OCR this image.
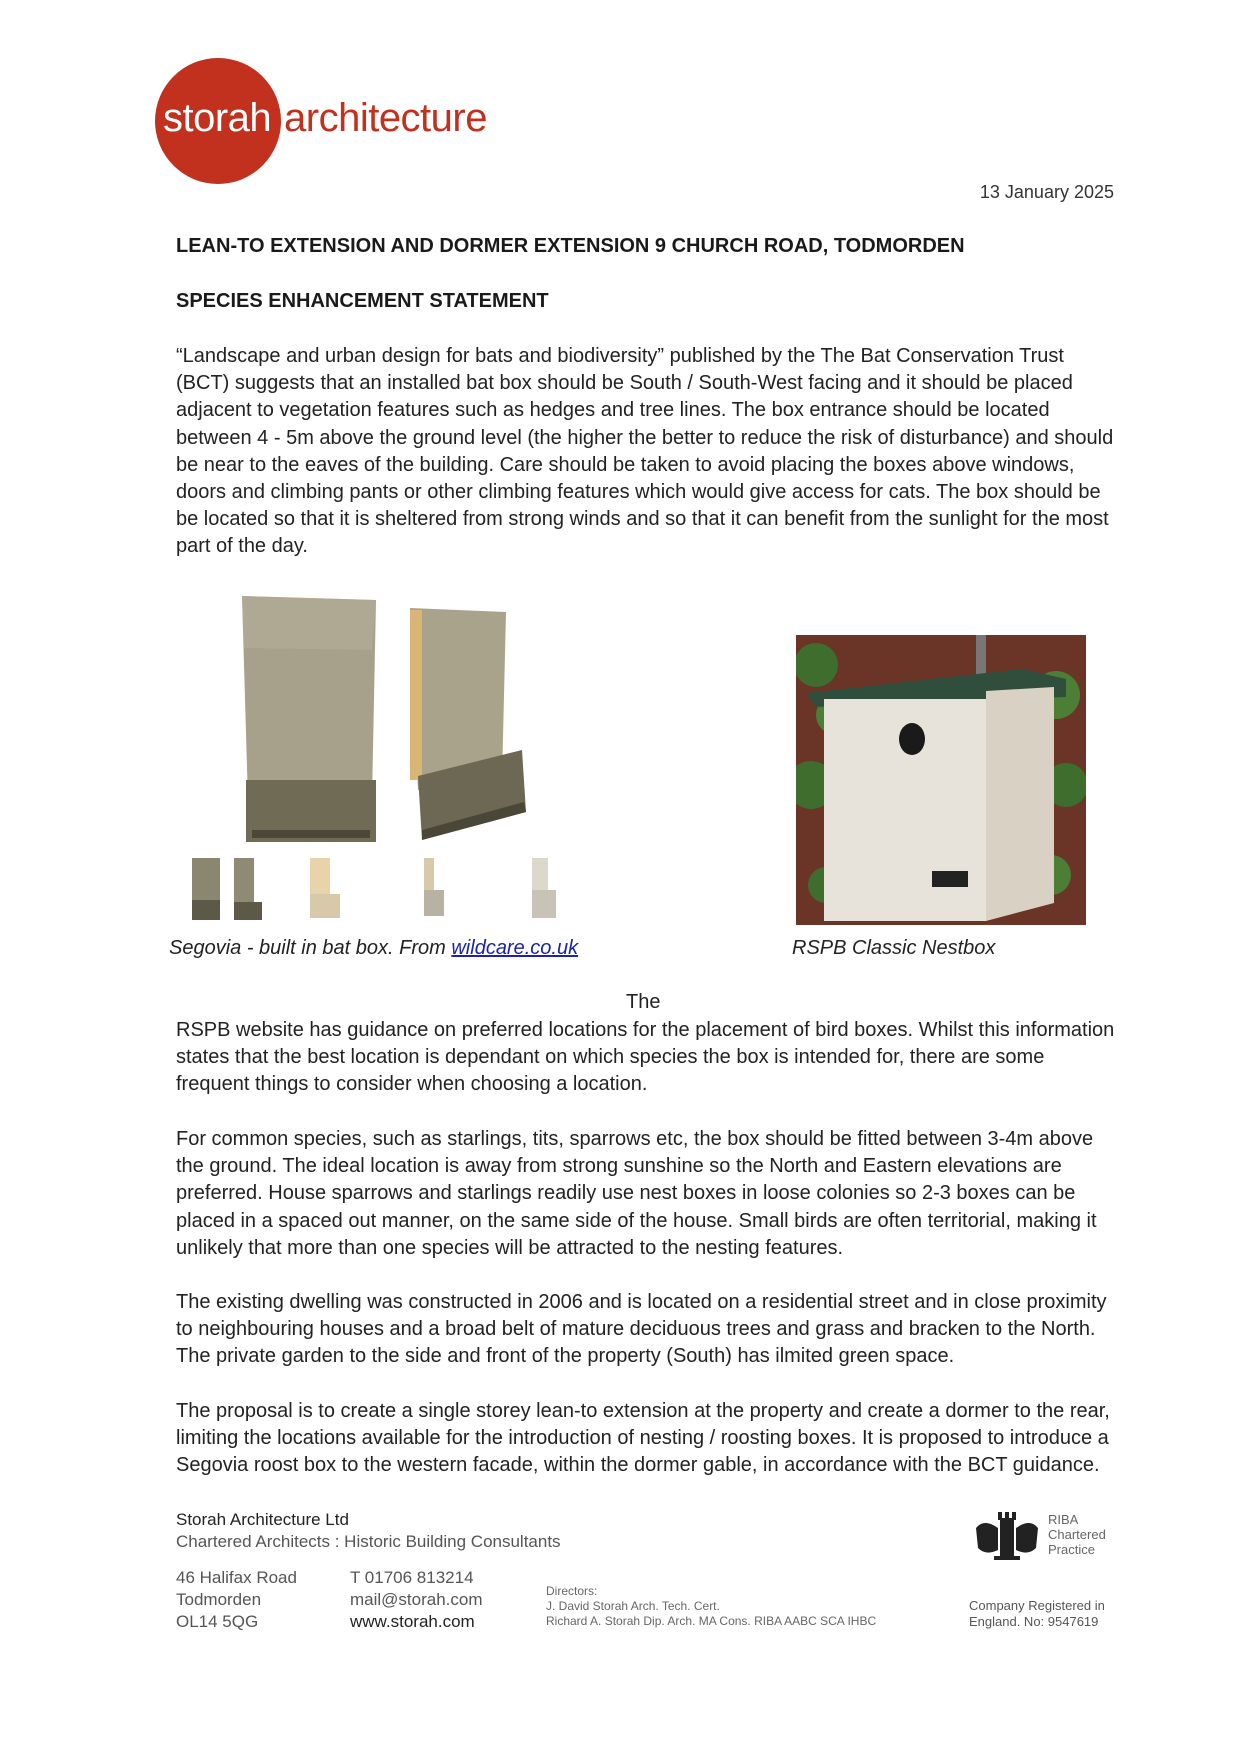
storah architecture
13 January 2025
LEAN-TO EXTENSION AND DORMER EXTENSION 9 CHURCH ROAD, TODMORDEN
SPECIES ENHANCEMENT STATEMENT
“Landscape and urban design for bats and biodiversity” published by the The Bat Conservation Trust (BCT) suggests that an installed bat box should be South / South-West facing and it should be placed adjacent to vegetation features such as hedges and tree lines. The box entrance should be located between 4 - 5m above the ground level (the higher the better to reduce the risk of disturbance) and should be near to the eaves of the building. Care should be taken to avoid placing the boxes above windows, doors and climbing pants or other climbing features which would give access for cats. The box should be be located so that it is sheltered from strong winds and so that it can benefit from the sunlight for the most part of the day.
Segovia - built in bat box. From wildcare.co.uk	RSPB Classic Nestbox
The
RSPB website has guidance on preferred locations for the placement of bird boxes. Whilst this information states that the best location is dependant on which species the box is intended for, there are some frequent things to consider when choosing a location.
For common species, such as starlings, tits, sparrows etc, the box should be fitted between 3-4m above the ground. The ideal location is away from strong sunshine so the North and Eastern elevations are preferred. House sparrows and starlings readily use nest boxes in loose colonies so 2-3 boxes can be placed in a spaced out manner, on the same side of the house. Small birds are often territorial, making it unlikely that more than one species will be attracted to the nesting features.
The existing dwelling was constructed in 2006 and is located on a residential street and in close proximity to neighbouring houses and a broad belt of mature deciduous trees and grass and bracken to the North. The private garden to the side and front of the property (South) has ilmited green space.
The proposal is to create a single storey lean-to extension at the property and create a dormer to the rear, limiting the locations available for the introduction of nesting / roosting boxes. It is proposed to introduce a Segovia roost box to the western facade, within the dormer gable, in accordance with the BCT guidance.
Storah Architecture Ltd
Chartered Architects : Historic Building Consultants
46 Halifax Road
Todmorden
OL14 5QG
T 01706 813214
mail@storah.com
www.storah.com
Directors:
J. David Storah Arch. Tech. Cert.
Richard A. Storah Dip. Arch. MA Cons. RIBA AABC SCA IHBC
RIBA
Chartered
Practice
Company Registered in
England. No: 9547619
